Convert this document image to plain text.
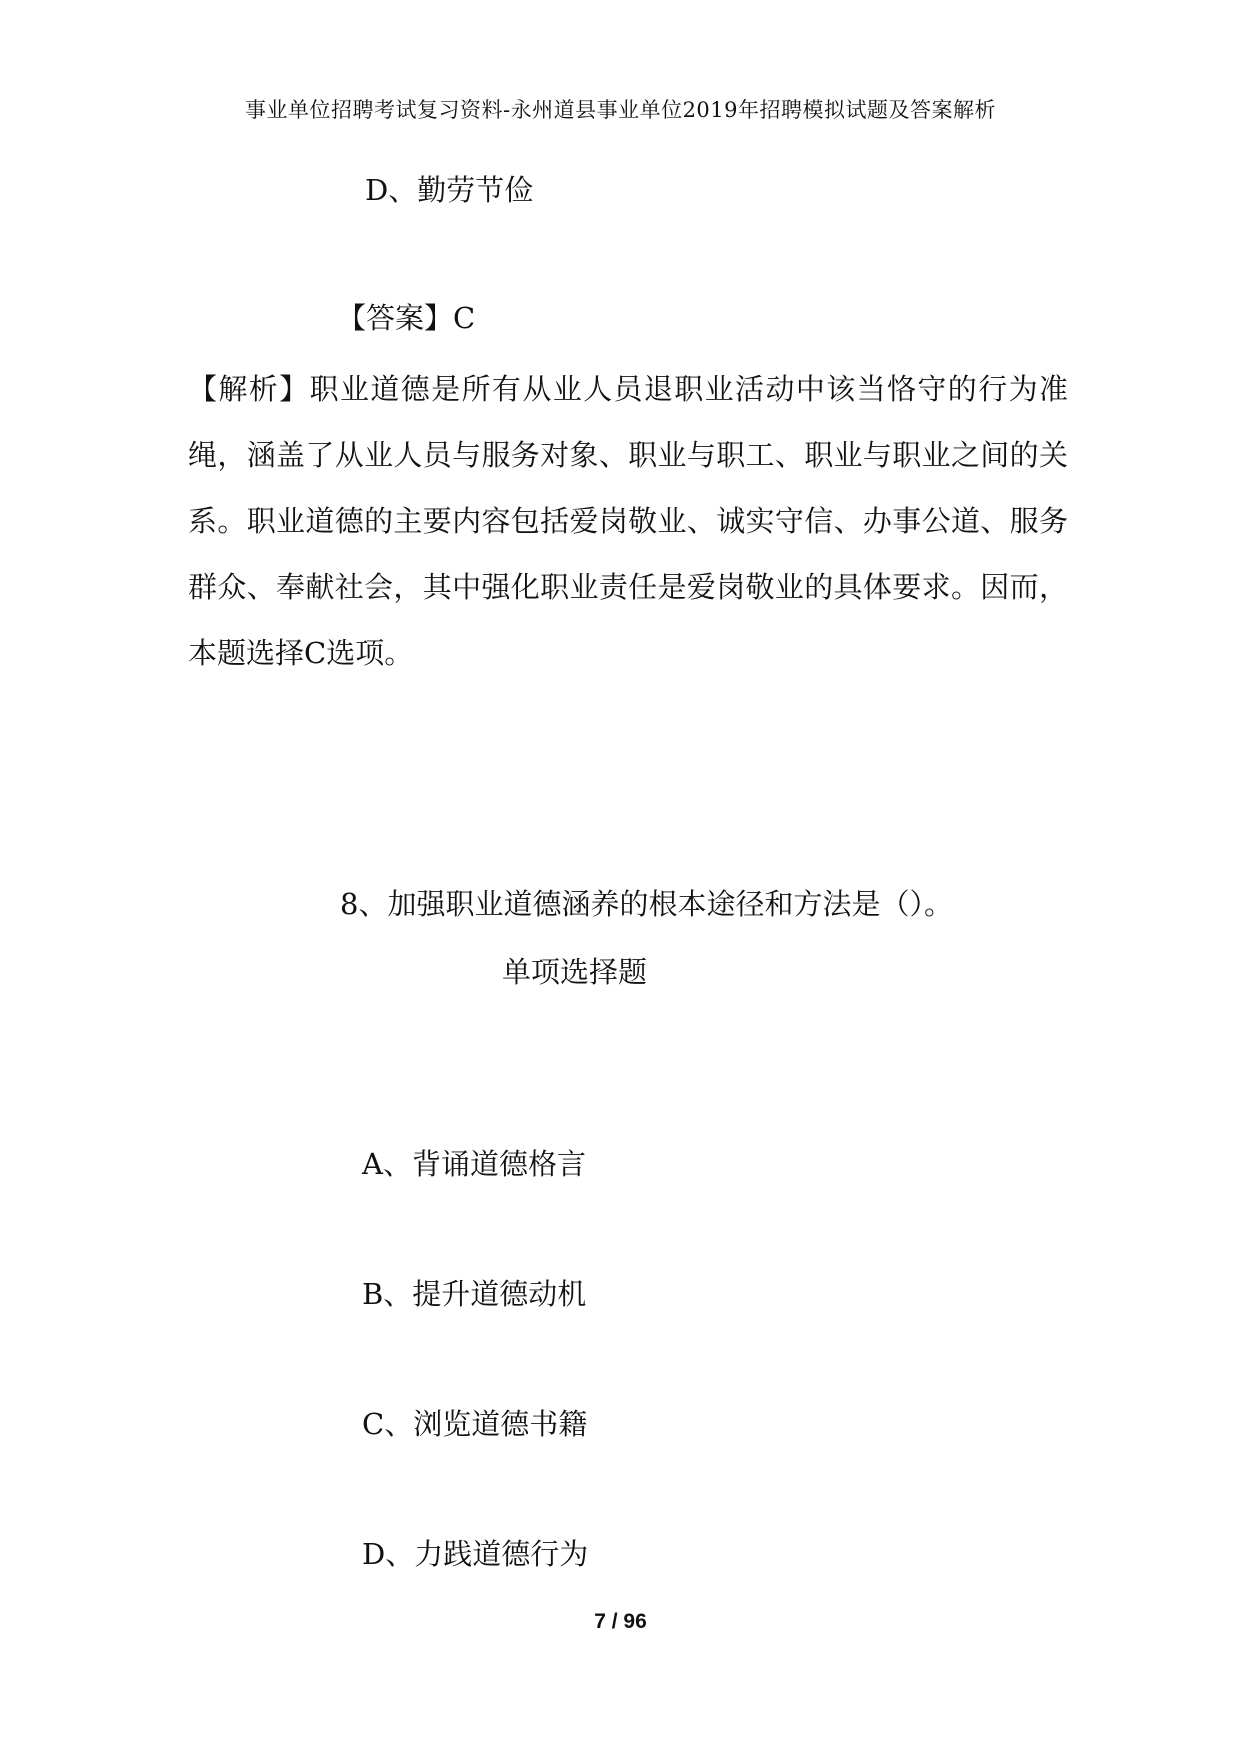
事业单位招聘考试复习资料-永州道县事业单位2019年招聘模拟试题及答案解析
D、勤劳节俭
【答案】C
【解析】职业道德是所有从业人员退职业活动中该当恪守的行为准绳，涵盖了从业人员与服务对象、职业与职工、职业与职业之间的关系。职业道德的主要内容包括爱岗敬业、诚实守信、办事公道、服务群众、奉献社会，其中强化职业责任是爱岗敬业的具体要求。因而，本题选择C选项。
8、加强职业道德涵养的根本途径和方法是（）。
单项选择题
A、背诵道德格言
B、提升道德动机
C、浏览道德书籍
D、力践道德行为
7 / 96
